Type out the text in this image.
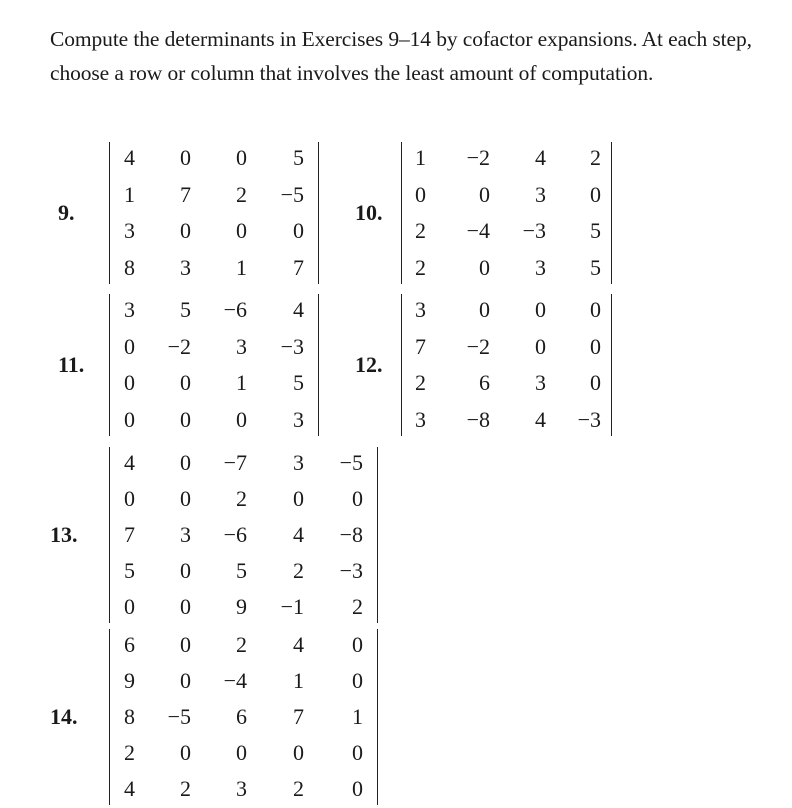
Compute the determinants in Exercises 9–14 by cofactor expansions. At each step, choose a row or column that involves the least amount of computation.

9.
4 0 0 5
1 7 2 −5
3 0 0 0
8 3 1 7
10.
1 −2 4 2
0 0 3 0
2 −4 −3 5
2 0 3 5
11.
3 5 −6 4
0 −2 3 −3
0 0 1 5
0 0 0 3
12.
3 0 0 0
7 −2 0 0
2 6 3 0
3 −8 4 −3
13.
4 0 −7 3 −5
0 0 2 0 0
7 3 −6 4 −8
5 0 5 2 −3
0 0 9 −1 2
14.
6 0 2 4 0
9 0 −4 1 0
8 −5 6 7 1
2 0 0 0 0
4 2 3 2 0
